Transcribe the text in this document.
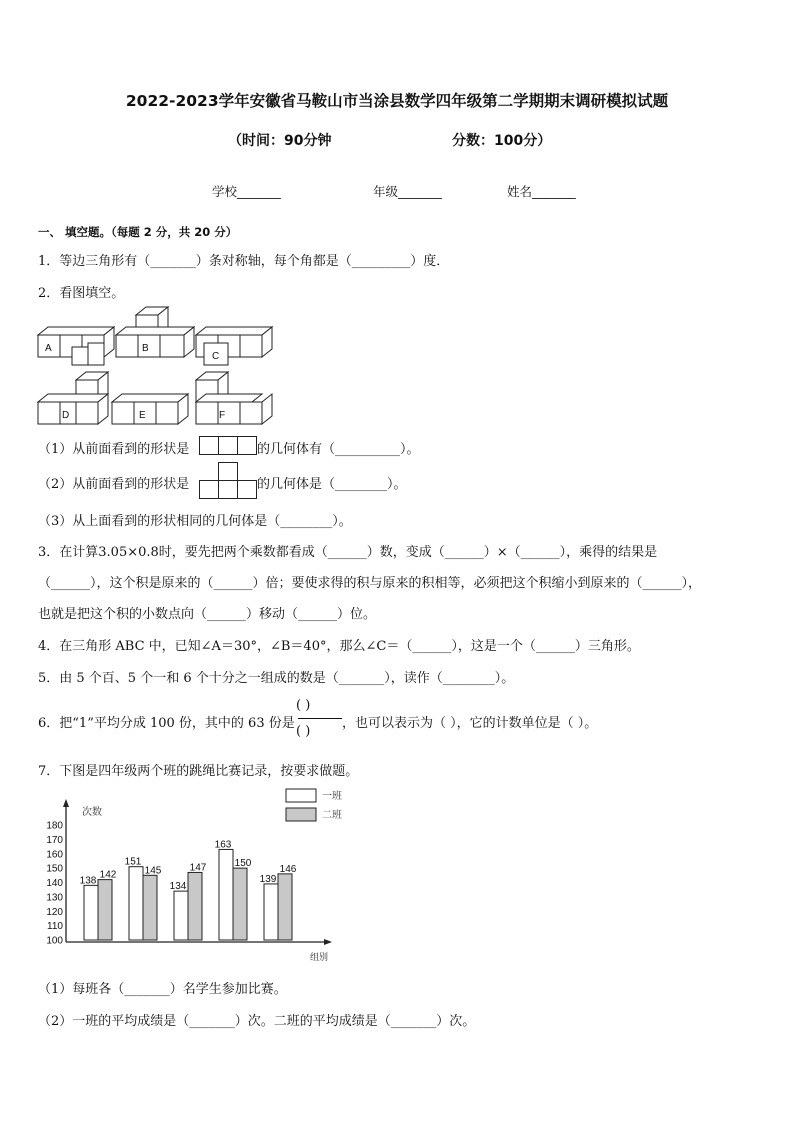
2022-2023学年安徽省马鞍山市当涂县数学四年级第二学期期末调研模拟试题
（时间：90分钟	分数：100分）
学校_______	年级_______	姓名_______
一、 填空题。（每题 2 分，共 20 分）
1．等边三角形有（_______）条对称轴，每个角都是（_________）度．
2．看图填空。
A	B
C
D	E	F
（1）从前面看到的形状是	的几何体有（__________）。
（2）从前面看到的形状是	的几何体是（________）。
（3）从上面看到的形状相同的几何体是（________）。
3．在计算3.05×0.8时，要先把两个乘数都看成（______）数，变成（______）×（______），乘得的结果是
（______），这个积是原来的（______）倍；要使求得的积与原来的积相等，必须把这个积缩小到原来的（______），
也就是把这个积的小数点向（______）移动（______）位。
4．在三角形 ABC 中，已知∠A＝30°，∠B＝40°，那么∠C＝（______），这是一个（______）三角形。
5．由 5 个百、5 个一和 6 个十分之一组成的数是（_______），读作（________）。
6．把“1”平均分成 100 份，其中的 63 份是
( )
( )
，也可以表示为（ ），它的计数单位是（ ）。
7．下图是四年级两个班的跳绳比赛记录，按要求做题。
100
110
120
130
140
150
160
170
180
次数
组别
138
151
134
163
139
142	145	147	150
146
一班
二班
（1）每班各（_______）名学生参加比赛。
（2）一班的平均成绩是（_______）次。二班的平均成绩是（_______）次。
